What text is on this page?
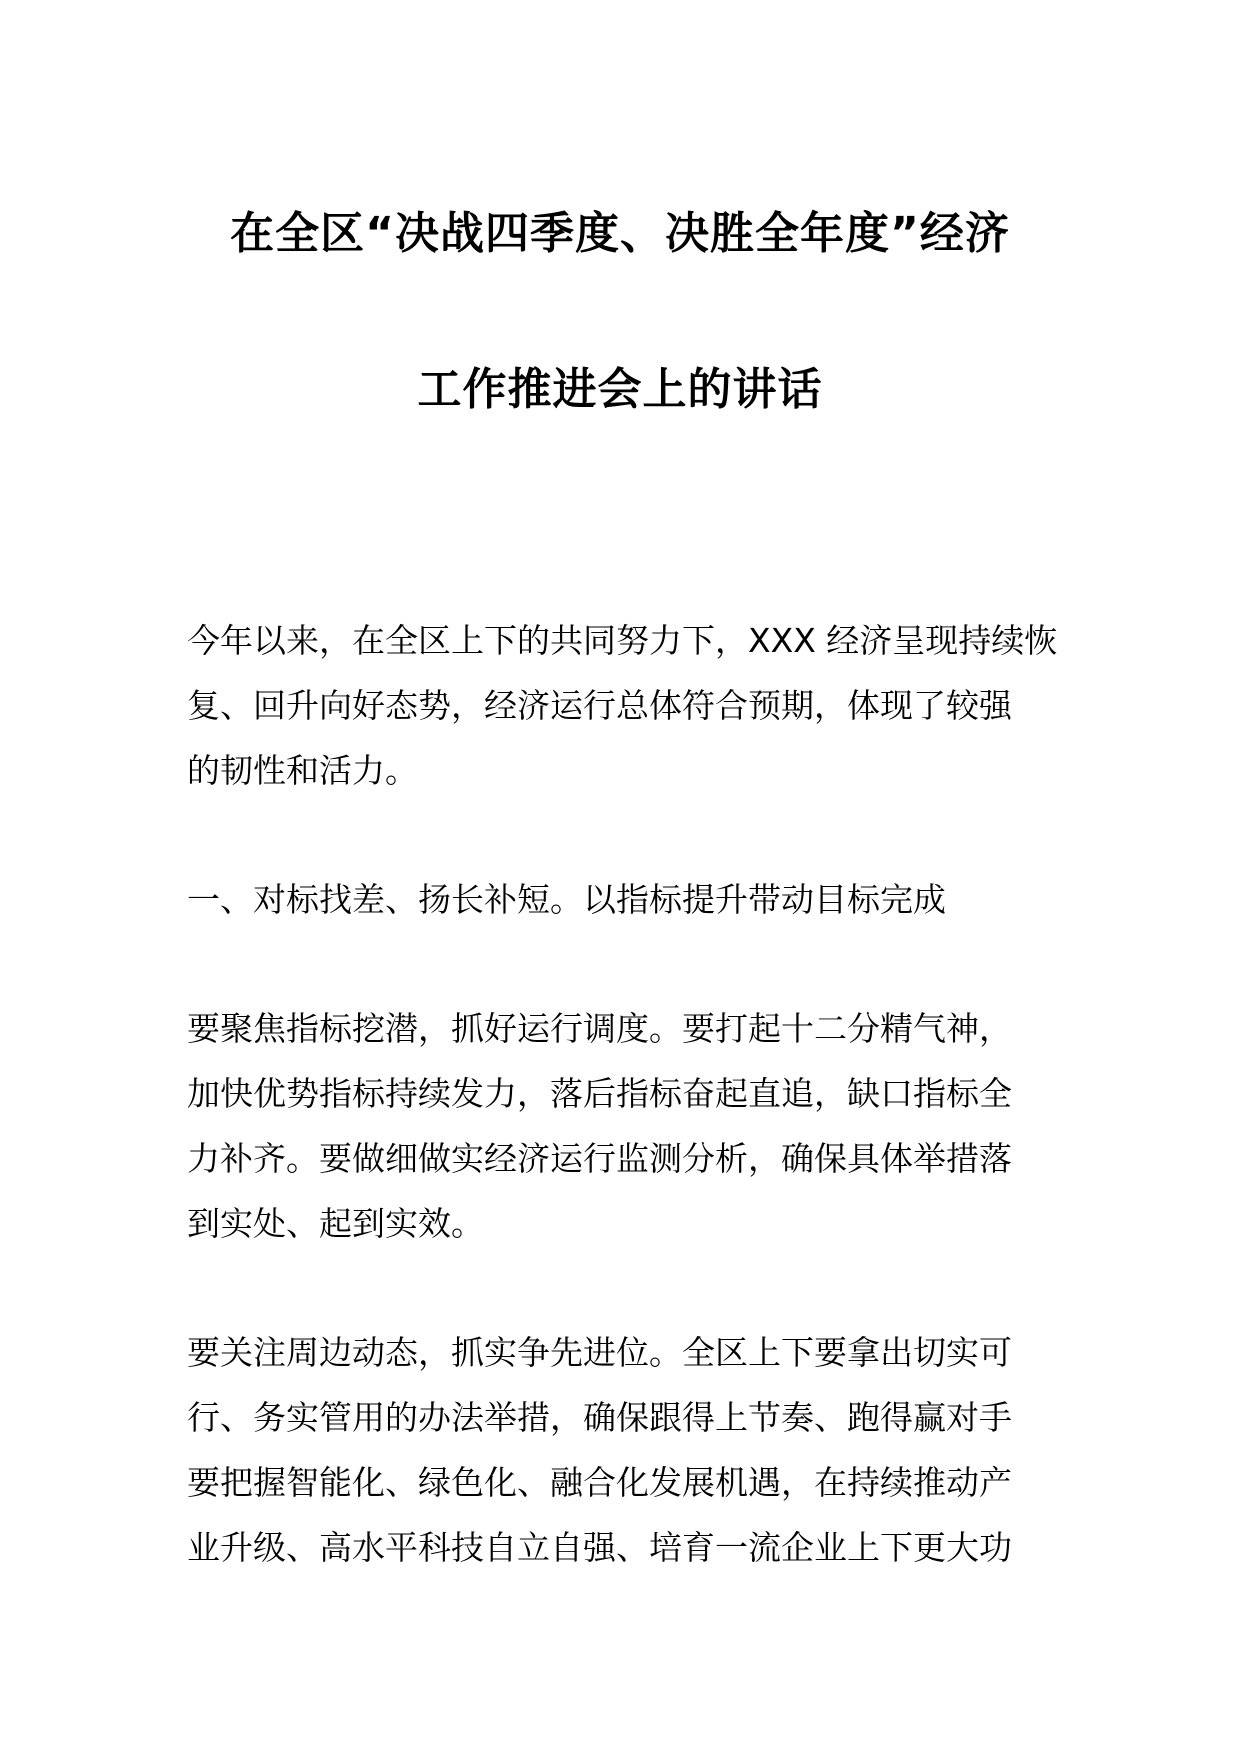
在全区“决战四季度、决胜全年度”经济
工作推进会上的讲话
今年以来，在全区上下的共同努力下，XXX 经济呈现持续恢
复、回升向好态势，经济运行总体符合预期，体现了较强
的韧性和活力。
一、对标找差、扬长补短。以指标提升带动目标完成
要聚焦指标挖潜，抓好运行调度。要打起十二分精气神，
加快优势指标持续发力，落后指标奋起直追，缺口指标全
力补齐。要做细做实经济运行监测分析，确保具体举措落
到实处、起到实效。
要关注周边动态，抓实争先进位。全区上下要拿出切实可
行、务实管用的办法举措，确保跟得上节奏、跑得赢对手
要把握智能化、绿色化、融合化发展机遇，在持续推动产
业升级、高水平科技自立自强、培育一流企业上下更大功
